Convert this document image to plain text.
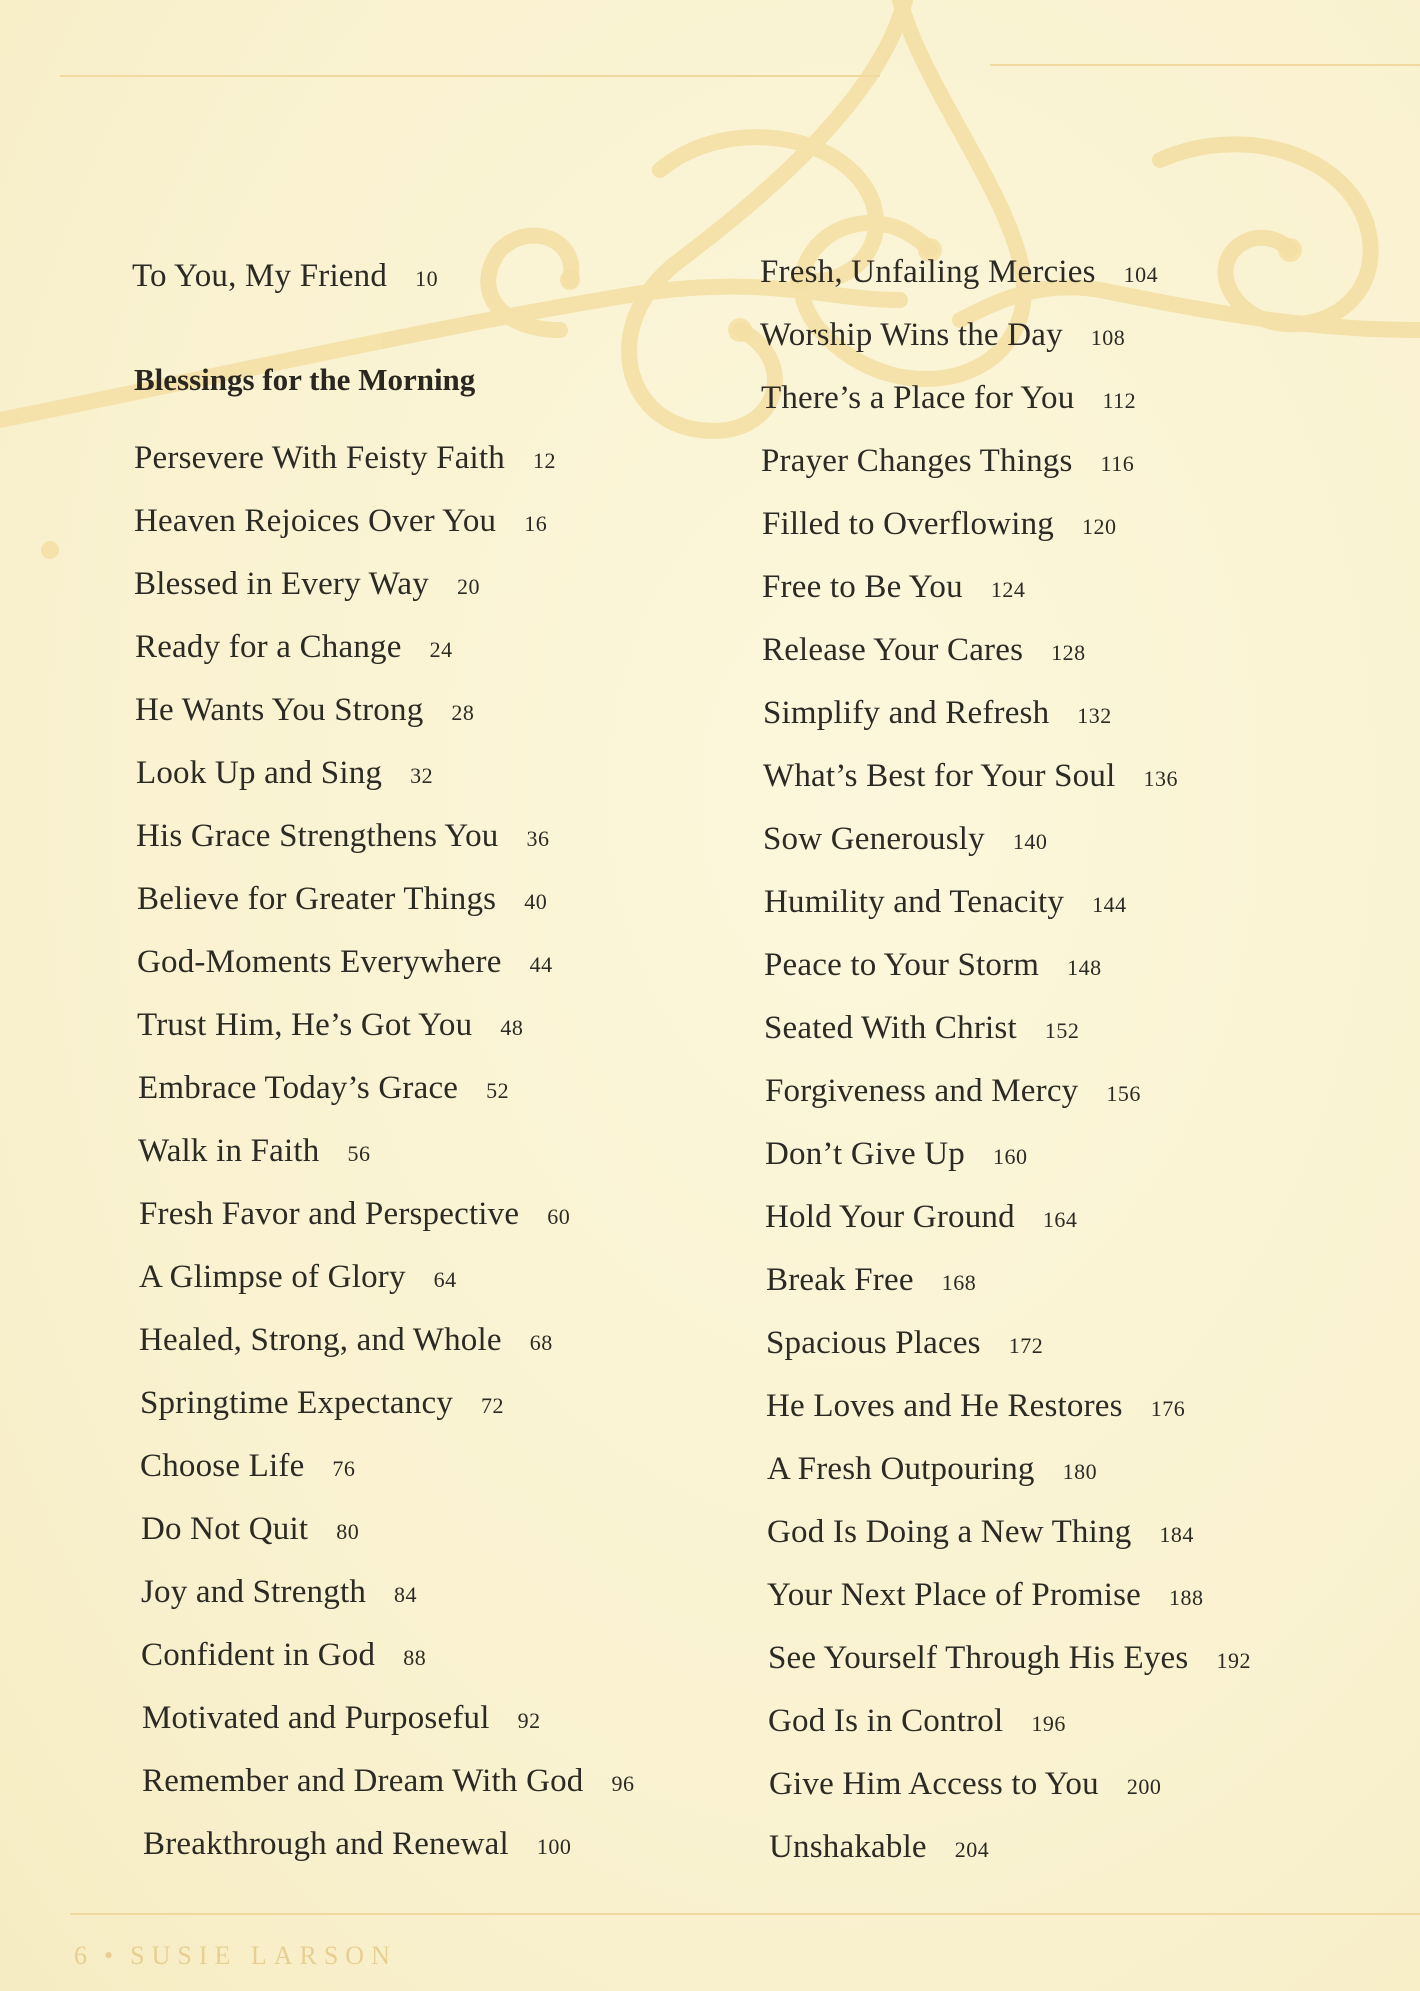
To You, My Friend 10
Blessings for the Morning
Persevere With Feisty Faith 12
Heaven Rejoices Over You 16
Blessed in Every Way 20
Ready for a Change 24
He Wants You Strong 28
Look Up and Sing 32
His Grace Strengthens You 36
Believe for Greater Things 40
God-Moments Everywhere 44
Trust Him, He’s Got You 48
Embrace Today’s Grace 52
Walk in Faith 56
Fresh Favor and Perspective 60
A Glimpse of Glory 64
Healed, Strong, and Whole 68
Springtime Expectancy 72
Choose Life 76
Do Not Quit 80
Joy and Strength 84
Confident in God 88
Motivated and Purposeful 92
Remember and Dream With God 96
Breakthrough and Renewal 100
Fresh, Unfailing Mercies 104
Worship Wins the Day 108
There’s a Place for You 112
Prayer Changes Things 116
Filled to Overflowing 120
Free to Be You 124
Release Your Cares 128
Simplify and Refresh 132
What’s Best for Your Soul 136
Sow Generously 140
Humility and Tenacity 144
Peace to Your Storm 148
Seated With Christ 152
Forgiveness and Mercy 156
Don’t Give Up 160
Hold Your Ground 164
Break Free 168
Spacious Places 172
He Loves and He Restores 176
A Fresh Outpouring 180
God Is Doing a New Thing 184
Your Next Place of Promise 188
See Yourself Through His Eyes 192
God Is in Control 196
Give Him Access to You 200
Unshakable 204
6 • SUSIE LARSON
